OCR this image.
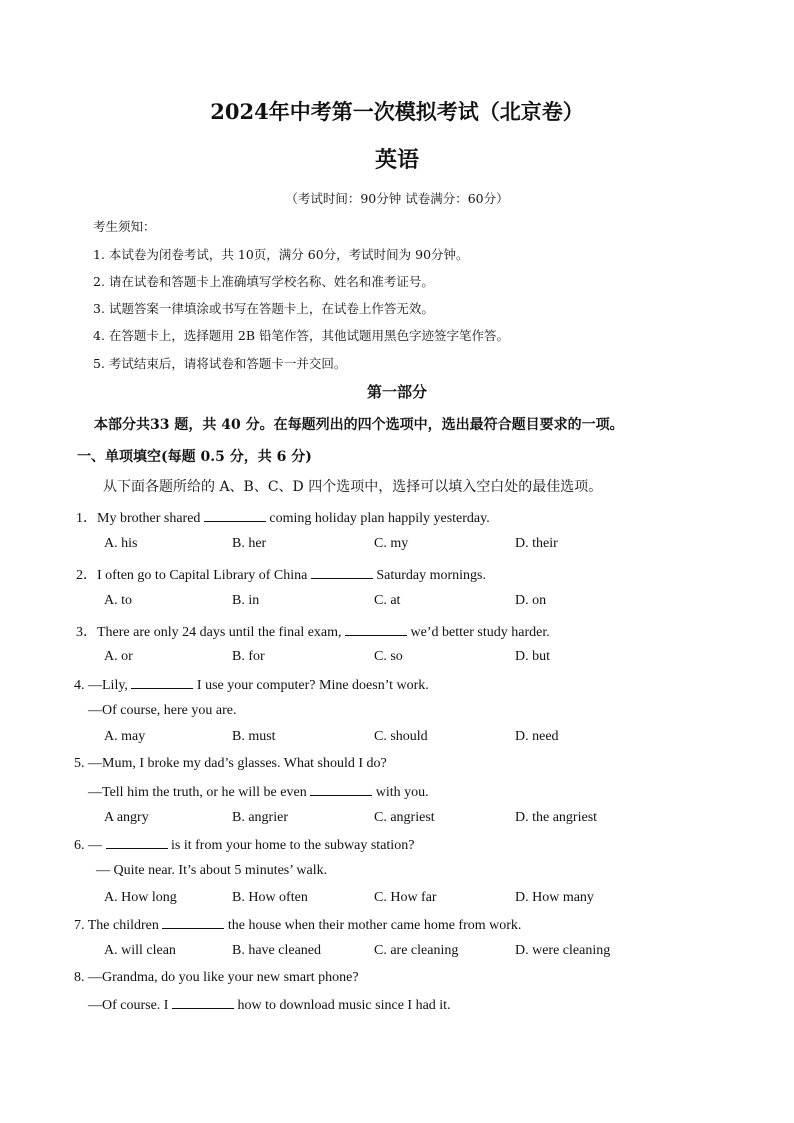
2024年中考第一次模拟考试（北京卷）
英语
（考试时间：90分钟 试卷满分：60分）
考生须知：
1. 本试卷为闭卷考试，共 10页，满分 60分，考试时间为 90分钟。
2. 请在试卷和答题卡上准确填写学校名称、姓名和准考证号。
3. 试题答案一律填涂或书写在答题卡上，在试卷上作答无效。
4. 在答题卡上，选择题用 2B 铅笔作答，其他试题用黑色字迹签字笔作答。
5. 考试结束后，请将试卷和答题卡一并交回。
第一部分
本部分共33 题，共 40 分。在每题列出的四个选项中，选出最符合题目要求的一项。
一、单项填空(每题 0.5 分，共 6 分)
从下面各题所给的 A、B、C、D 四个选项中，选择可以填入空白处的最佳选项。
1．My brother shared	coming holiday plan happily yesterday.
A. his	B. her	C. my	D. their
2．I often go to Capital Library of China	Saturday mornings.
A. to	B. in	C. at	D. on
3．There are only 24 days until the final exam,	we’d better study harder.
A. or	B. for	C. so	D. but
4. —Lily,	I use your computer? Mine doesn’t work.
—Of course, here you are.
A. may	B. must	C. should	D. need
5. —Mum, I broke my dad’s glasses. What should I do?
—Tell him the truth, or he will be even	with you.
A angry	B. angrier	C. angriest	D. the angriest
6. —	is it from your home to the subway station?
— Quite near. It’s about 5 minutes’ walk.
A. How long	B. How often	C. How far	D. How many
7. The children	the house when their mother came home from work.
A. will clean	B. have cleaned	C. are cleaning	D. were cleaning
8. —Grandma, do you like your new smart phone?
—Of course. I	how to download music since I had it.
